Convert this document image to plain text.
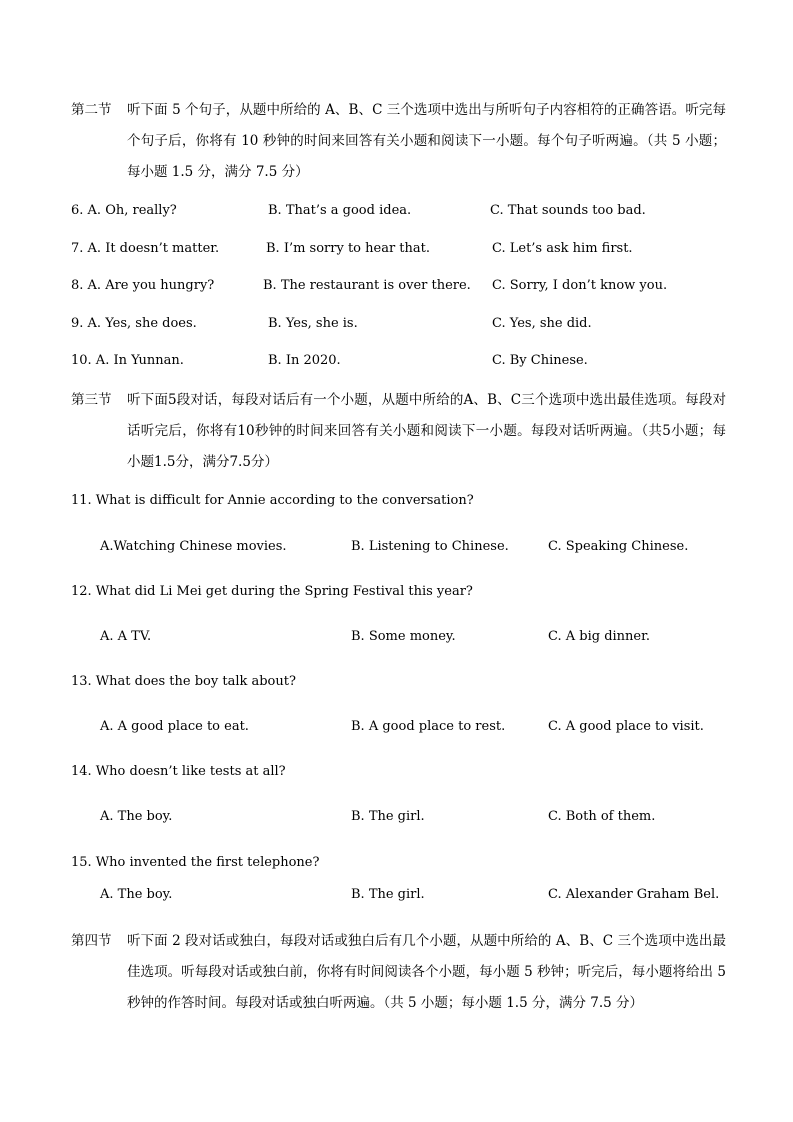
第二节 听下面 5 个句子，从题中所给的 A、B、C 三个选项中选出与所听句子内容相符的正确答语。听完每个句子后，你将有 10 秒钟的时间来回答有关小题和阅读下一小题。每个句子听两遍。（共 5 小题；每小题 1.5 分，满分 7.5 分）
6. A. Oh, really?	B. That’s a good idea.	C. That sounds too bad.
7. A. It doesn’t matter.	B. I’m sorry to hear that.	C. Let’s ask him first.
8. A. Are you hungry?	B. The restaurant is over there. C. Sorry, I don’t know you.
9. A. Yes, she does.	B. Yes, she is.	C. Yes, she did.
10. A. In Yunnan.	B. In 2020.	C. By Chinese.
第三节 听下面5段对话，每段对话后有一个小题，从题中所给的A、B、C三个选项中选出最佳选项。每段对话听完后，你将有10秒钟的时间来回答有关小题和阅读下一小题。每段对话听两遍。（共5小题；每小题1.5分，满分7.5分）
11. What is difficult for Annie according to the conversation?
A.Watching Chinese movies.	B. Listening to Chinese.	C. Speaking Chinese.
12. What did Li Mei get during the Spring Festival this year?
A. A TV.	B. Some money.	C. A big dinner.
13. What does the boy talk about?
A. A good place to eat.	B. A good place to rest.	C. A good place to visit.
14. Who doesn’t like tests at all?
A. The boy.	B. The girl.	C. Both of them.
15. Who invented the first telephone?
A. The boy.	B. The girl.	C. Alexander Graham Bel.
第四节 听下面 2 段对话或独白，每段对话或独白后有几个小题，从题中所给的 A、B、C 三个选项中选出最佳选项。听每段对话或独白前，你将有时间阅读各个小题，每小题 5 秒钟；听完后，每小题将给出 5 秒钟的作答时间。每段对话或独白听两遍。（共 5 小题；每小题 1.5 分，满分 7.5 分）
